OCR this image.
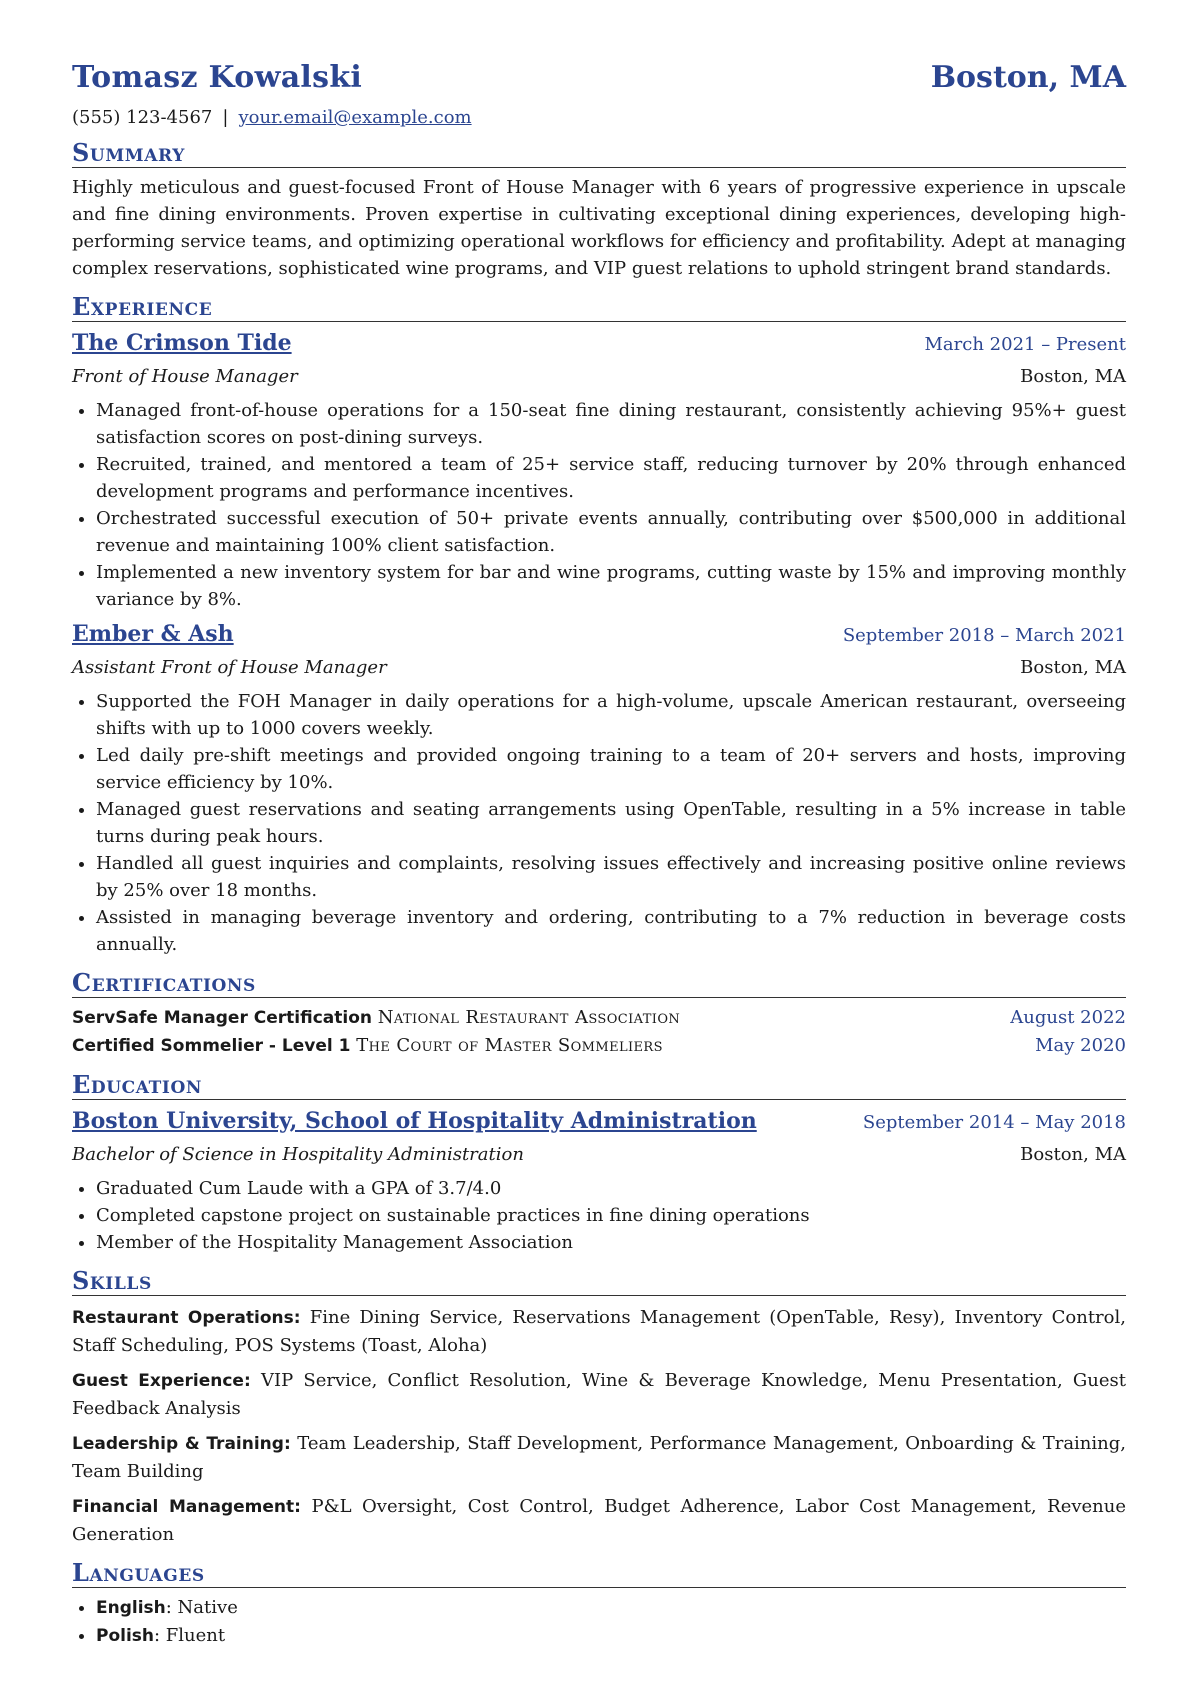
Tomasz Kowalski	Boston, MA
(555) 123-4567 | your.email@example.com
Summary
Highly meticulous and guest-focused Front of House Manager with 6 years of progressive experience in upscale and fine dining environments. Proven expertise in cultivating exceptional dining experiences, developing high-performing service teams, and optimizing operational workflows for efficiency and profitability. Adept at managing complex reservations, sophisticated wine programs, and VIP guest relations to uphold stringent brand standards.
Experience
The Crimson Tide	March 2021 – Present
Front of House Manager	Boston, MA
• Managed front-of-house operations for a 150-seat fine dining restaurant, consistently achieving 95%+ guest satisfaction scores on post-dining surveys.
• Recruited, trained, and mentored a team of 25+ service staff, reducing turnover by 20% through enhanced development programs and performance incentives.
• Orchestrated successful execution of 50+ private events annually, contributing over $500,000 in additional revenue and maintaining 100% client satisfaction.
• Implemented a new inventory system for bar and wine programs, cutting waste by 15% and improving monthly variance by 8%.
Ember & Ash	September 2018 – March 2021
Assistant Front of House Manager	Boston, MA
• Supported the FOH Manager in daily operations for a high-volume, upscale American restaurant, overseeing shifts with up to 1000 covers weekly.
• Led daily pre-shift meetings and provided ongoing training to a team of 20+ servers and hosts, improving service efficiency by 10%.
• Managed guest reservations and seating arrangements using OpenTable, resulting in a 5% increase in table turns during peak hours.
• Handled all guest inquiries and complaints, resolving issues effectively and increasing positive online reviews by 25% over 18 months.
• Assisted in managing beverage inventory and ordering, contributing to a 7% reduction in beverage costs annually.
Certifications
ServSafe Manager Certification National Restaurant Association	August 2022
Certified Sommelier - Level 1 The Court of Master Sommeliers	May 2020
Education
Boston University, School of Hospitality Administration	September 2014 – May 2018
Bachelor of Science in Hospitality Administration	Boston, MA
• Graduated Cum Laude with a GPA of 3.7/4.0
• Completed capstone project on sustainable practices in fine dining operations
• Member of the Hospitality Management Association
Skills
Restaurant Operations: Fine Dining Service, Reservations Management (OpenTable, Resy), Inventory Control, Staff Scheduling, POS Systems (Toast, Aloha)
Guest Experience: VIP Service, Conflict Resolution, Wine & Beverage Knowledge, Menu Presentation, Guest Feedback Analysis
Leadership & Training: Team Leadership, Staff Development, Performance Management, Onboarding & Training, Team Building
Financial Management: P&L Oversight, Cost Control, Budget Adherence, Labor Cost Management, Revenue Generation
Languages
• English: Native
• Polish: Fluent
